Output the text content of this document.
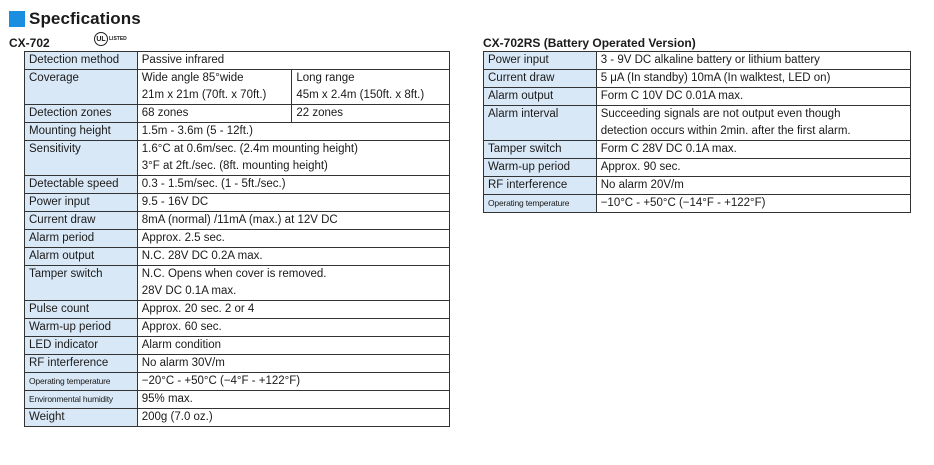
Specfications
CX-702	UL LISTED	CX-702RS (Battery Operated Version)
Detection method	Passive infrared	
Coverage	Wide angle 85°wide	Long range
	21m x 21m (70ft. x 70ft.)	45m x 2.4m (150ft. x 8ft.)
Detection zones	68 zones	22 zones
Mounting height	1.5m - 3.6m (5 - 12ft.)	
Sensitivity	1.6°C at 0.6m/sec. (2.4m mounting height)	
	3°F at 2ft./sec. (8ft. mounting height)	
Detectable speed	0.3 - 1.5m/sec. (1 - 5ft./sec.)	
Power input	9.5 - 16V DC	
Current draw	8mA (normal) /11mA (max.) at 12V DC	
Alarm period	Approx. 2.5 sec.	
Alarm output	N.C. 28V DC 0.2A max.	
Tamper switch	N.C. Opens when cover is removed.	
	28V DC 0.1A max.	
Pulse count	Approx. 20 sec. 2 or 4	
Warm-up period	Approx. 60 sec.	
LED indicator	Alarm condition	
RF interference	No alarm 30V/m	
Operating temperature	−20°C - +50°C (−4°F - +122°F)	
Environmental humidity	95% max.	
Weight	200g (7.0 oz.)	
Power input	3 - 9V DC alkaline battery or lithium battery
Current draw	5 μA (In standby) 10mA (In walktest, LED on)
Alarm output	Form C 10V DC 0.01A max.
Alarm interval	Succeeding signals are not output even though
	detection occurs within 2min. after the first alarm.
Tamper switch	Form C 28V DC 0.1A max.
Warm-up period	Approx. 90 sec.
RF interference	No alarm 20V/m
Operating temperature	−10°C - +50°C (−14°F - +122°F)
